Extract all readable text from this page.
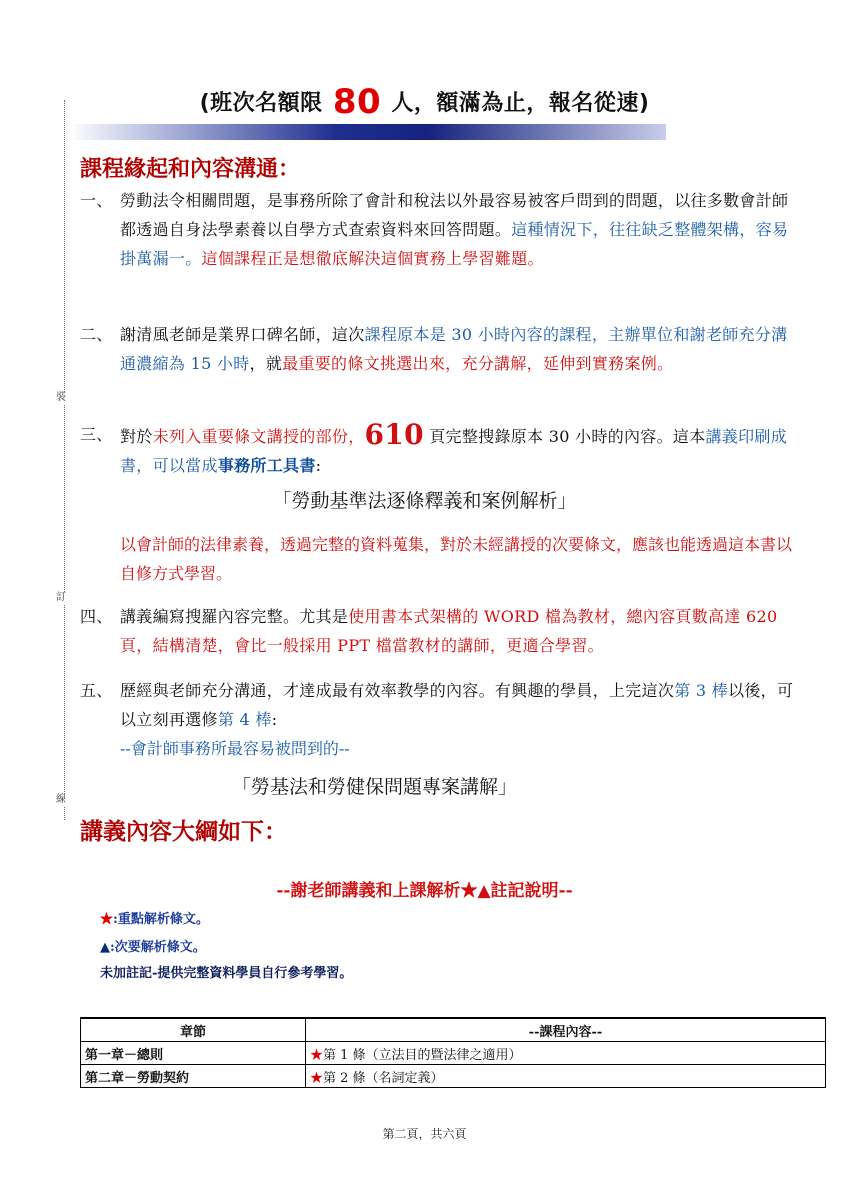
裝
訂
線
(班次名額限 80 人，額滿為止，報名從速)
課程緣起和內容溝通：
一、 勞動法令相關問題，是事務所除了會計和稅法以外最容易被客戶問到的問題，以往多數會計師都透過自身法學素養以自學方式查索資料來回答問題。這種情況下，往往缺乏整體架構，容易掛萬漏一。這個課程正是想徹底解決這個實務上學習難題。
二、 謝清風老師是業界口碑名師，這次課程原本是 30 小時內容的課程，主辦單位和謝老師充分溝通濃縮為 15 小時，就最重要的條文挑選出來，充分講解，延伸到實務案例。
三、 對於未列入重要條文講授的部份，610 頁完整搜錄原本 30 小時的內容。這本講義印刷成書，可以當成事務所工具書:
「勞動基準法逐條釋義和案例解析」
以會計師的法律素養，透過完整的資料蒐集，對於未經講授的次要條文，應該也能透過這本書以自修方式學習。
四、 講義編寫搜羅內容完整。尤其是使用書本式架構的 WORD 檔為教材，總內容頁數高達 620 頁，結構清楚，會比一般採用 PPT 檔當教材的講師，更適合學習。
五、 歷經與老師充分溝通，才達成最有效率教學的內容。有興趣的學員，上完這次第 3 棒以後，可以立刻再選修第 4 棒:
--會計師事務所最容易被問到的--
「勞基法和勞健保問題專案講解」
講義內容大綱如下：
--謝老師講義和上課解析★▲註記說明--
★:重點解析條文。
▲:次要解析條文。
未加註記-提供完整資料學員自行參考學習。
章節	--課程內容--
第一章－總則	★第 1 條（立法目的暨法律之適用）
第二章－勞動契約	★第 2 條（名詞定義）
第二頁，共六頁
